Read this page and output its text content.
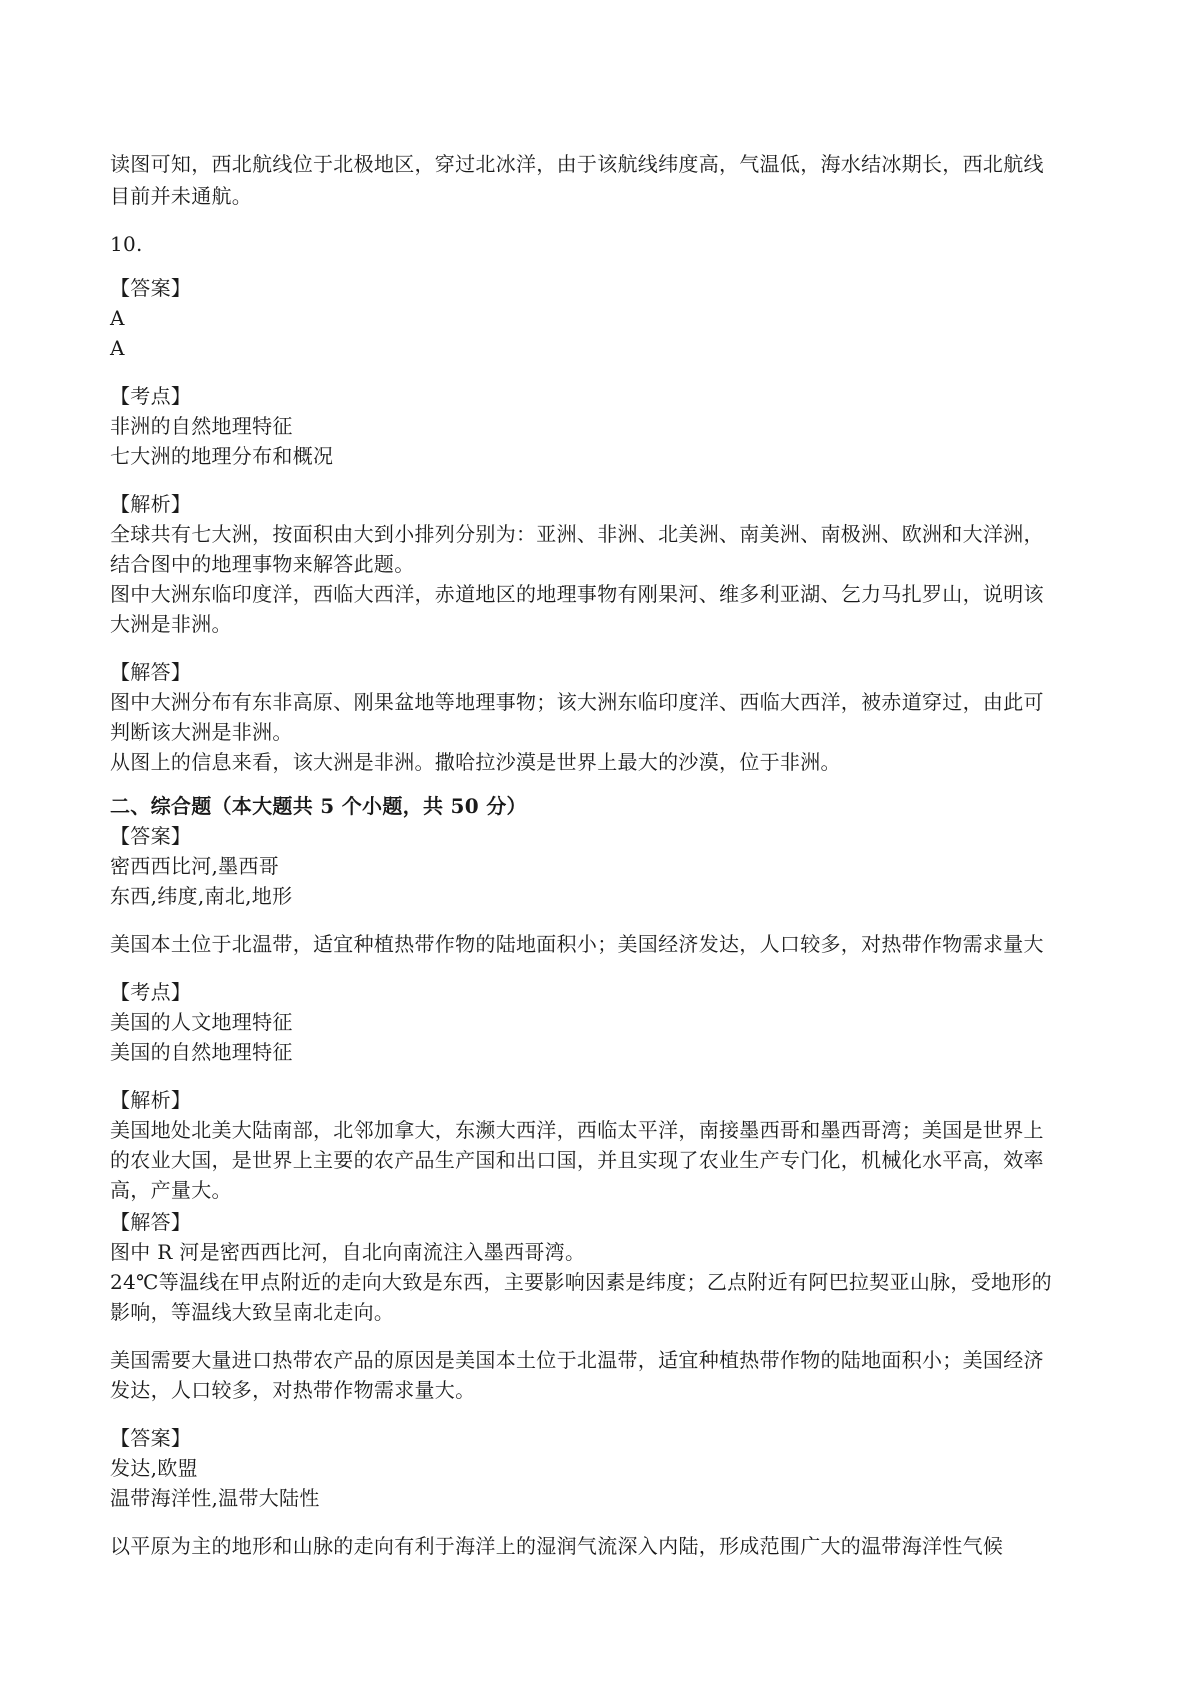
读图可知，西北航线位于北极地区，穿过北冰洋，由于该航线纬度高，气温低，海水结冰期长，西北航线
目前并未通航。
10.
【答案】
A
A
【考点】
非洲的自然地理特征
七大洲的地理分布和概况
【解析】
全球共有七大洲，按面积由大到小排列分别为：亚洲、非洲、北美洲、南美洲、南极洲、欧洲和大洋洲，
结合图中的地理事物来解答此题。
图中大洲东临印度洋，西临大西洋，赤道地区的地理事物有刚果河、维多利亚湖、乞力马扎罗山，说明该
大洲是非洲。
【解答】
图中大洲分布有东非高原、刚果盆地等地理事物；该大洲东临印度洋、西临大西洋，被赤道穿过，由此可
判断该大洲是非洲。
从图上的信息来看，该大洲是非洲。撒哈拉沙漠是世界上最大的沙漠，位于非洲。
二、综合题（本大题共 5 个小题，共 50 分）
【答案】
密西西比河,墨西哥
东西,纬度,南北,地形
美国本土位于北温带，适宜种植热带作物的陆地面积小；美国经济发达，人口较多，对热带作物需求量大
【考点】
美国的人文地理特征
美国的自然地理特征
【解析】
美国地处北美大陆南部，北邻加拿大，东濒大西洋，西临太平洋，南接墨西哥和墨西哥湾；美国是世界上
的农业大国，是世界上主要的农产品生产国和出口国，并且实现了农业生产专门化，机械化水平高，效率
高，产量大。
【解答】
图中 R 河是密西西比河，自北向南流注入墨西哥湾。
24℃等温线在甲点附近的走向大致是东西，主要影响因素是纬度；乙点附近有阿巴拉契亚山脉，受地形的
影响，等温线大致呈南北走向。
美国需要大量进口热带农产品的原因是美国本土位于北温带，适宜种植热带作物的陆地面积小；美国经济
发达，人口较多，对热带作物需求量大。
【答案】
发达,欧盟
温带海洋性,温带大陆性
以平原为主的地形和山脉的走向有利于海洋上的湿润气流深入内陆，形成范围广大的温带海洋性气候
